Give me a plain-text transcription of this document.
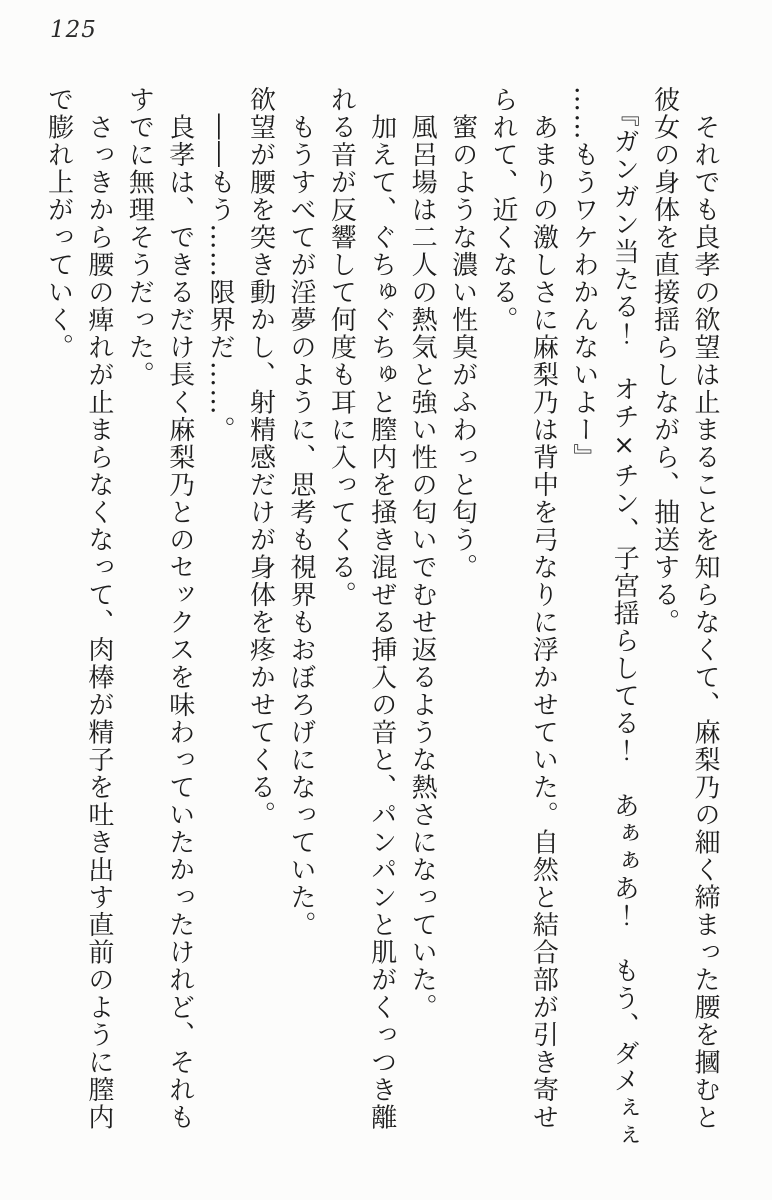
125

　それでも良孝の欲望は止まることを知らなくて、麻梨乃の細く締まった腰を摑むと

彼女の身体を直接揺らしながら、抽送する。

　『ガンガン当たる！　オチ×チン、子宮揺らしてる！　あぁぁあ！　もう、ダメぇぇ

……もうワケわかんないよー』

　あまりの激しさに麻梨乃は背中を弓なりに浮かせていた。自然と結合部が引き寄せ

られて、近くなる。

　蜜のような濃い性臭がふわっと匂う。

　風呂場は二人の熱気と強い性の匂いでむせ返るような熱さになっていた。

　加えて、ぐちゅぐちゅと膣内を掻き混ぜる挿入の音と、パンパンと肌がくっつき離

れる音が反響して何度も耳に入ってくる。

　もうすべてが淫夢のように、思考も視界もおぼろげになっていた。

欲望が腰を突き動かし、射精感だけが身体を疼かせてくる。

　――もう……限界だ……。

　良孝は、できるだけ長く麻梨乃とのセックスを味わっていたかったけれど、それも

すでに無理そうだった。

　さっきから腰の痺れが止まらなくなって、肉棒が精子を吐き出す直前のように膣内

で膨れ上がっていく。
